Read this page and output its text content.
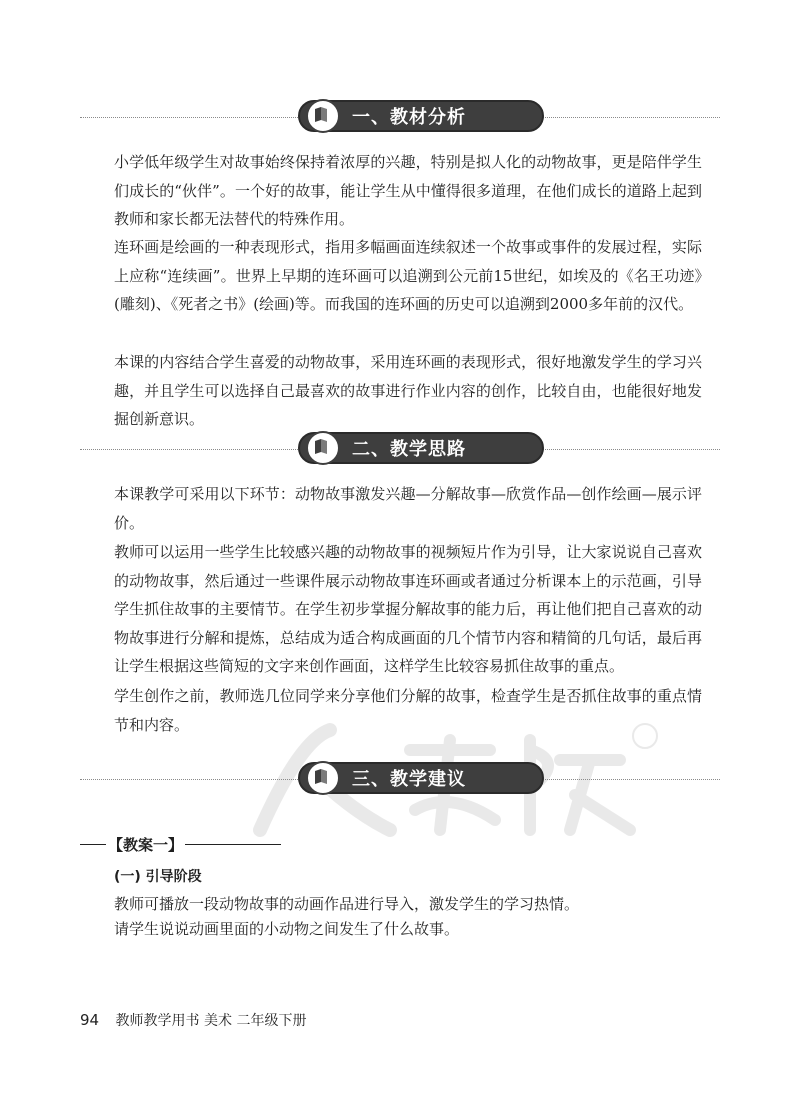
一、教材分析

小学低年级学生对故事始终保持着浓厚的兴趣，特别是拟人化的动物故事，更是陪伴学生们成长的“伙伴”。一个好的故事，能让学生从中懂得很多道理，在他们成长的道路上起到教师和家长都无法替代的特殊作用。

连环画是绘画的一种表现形式，指用多幅画面连续叙述一个故事或事件的发展过程，实际上应称“连续画”。世界上早期的连环画可以追溯到公元前15世纪，如埃及的《名王功迹》(雕刻)、《死者之书》(绘画)等。而我国的连环画的历史可以追溯到2000多年前的汉代。

本课的内容结合学生喜爱的动物故事，采用连环画的表现形式，很好地激发学生的学习兴趣，并且学生可以选择自己最喜欢的故事进行作业内容的创作，比较自由，也能很好地发掘创新意识。

二、教学思路

本课教学可采用以下环节：动物故事激发兴趣—分解故事—欣赏作品—创作绘画—展示评价。

教师可以运用一些学生比较感兴趣的动物故事的视频短片作为引导，让大家说说自己喜欢的动物故事，然后通过一些课件展示动物故事连环画或者通过分析课本上的示范画，引导学生抓住故事的主要情节。在学生初步掌握分解故事的能力后，再让他们把自己喜欢的动物故事进行分解和提炼，总结成为适合构成画面的几个情节内容和精简的几句话，最后再让学生根据这些简短的文字来创作画面，这样学生比较容易抓住故事的重点。

学生创作之前，教师选几位同学来分享他们分解的故事，检查学生是否抓住故事的重点情节和内容。

三、教学建议
【教案一】
(一) 引导阶段

教师可播放一段动物故事的动画作品进行导入，激发学生的学习热情。

请学生说说动画里面的小动物之间发生了什么故事。

94 教师教学用书 美术 二年级下册
